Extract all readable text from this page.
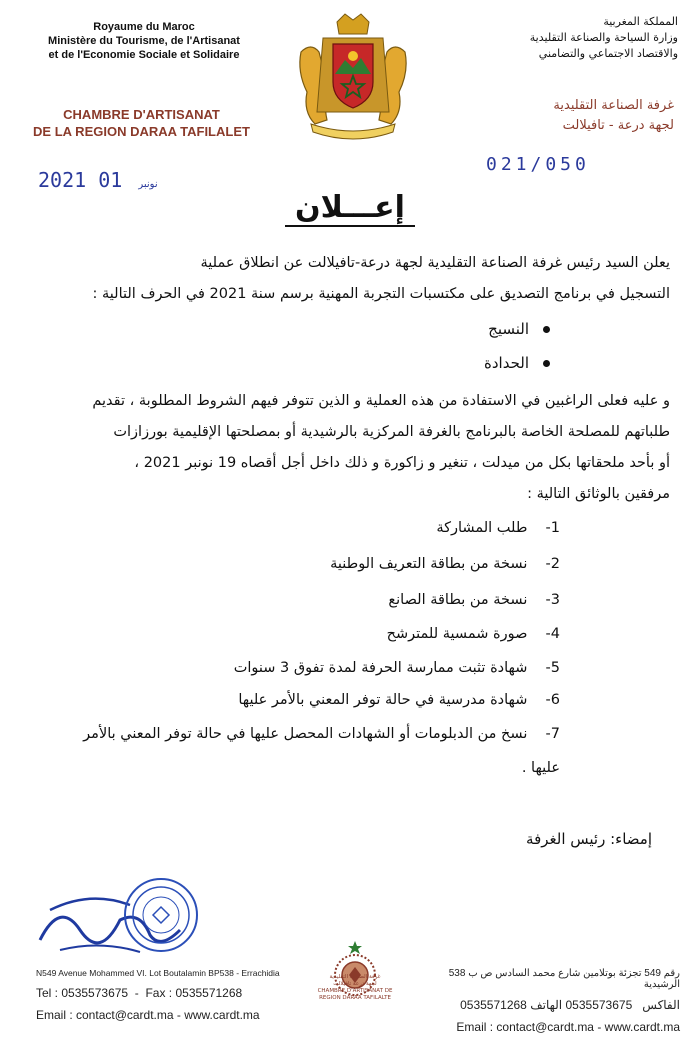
Royaume du Maroc
Ministère du Tourisme, de l'Artisanat
et de l'Economie Sociale et Solidaire
CHAMBRE D'ARTISANAT
DE LA REGION DARAA TAFILALET
المملكة المغربية
وزارة السياحة والصناعة التقليدية
والاقتصاد الاجتماعي والتضامني
غرفة الصناعة التقليدية
لجهة درعة - تافيلالت
2021	نونبر 01
021/050
إعـــلان
يعلن السيد رئيس غرفة الصناعة التقليدية لجهة درعة-تافيلالت عن انطلاق عملية
التسجيل في برنامج التصديق على مكتسبات التجربة المهنية برسم سنة 2021 في الحرف التالية :
النسيج
الحدادة
و عليه فعلى الراغبين في الاستفادة من هذه العملية و الذين تتوفر فيهم الشروط المطلوبة ، تقديم
طلباتهم للمصلحة الخاصة بالبرنامج بالغرفة المركزية بالرشيدية أو بمصلحتها الإقليمية بورزازات
أو بأحد ملحقاتها بكل من ميدلت ، تنغير و زاكورة و ذلك داخل أجل أقصاه 19 نونبر 2021 ،
مرفقين بالوثائق التالية :
1- طلب المشاركة
2- نسخة من بطاقة التعريف الوطنية
3- نسخة من بطاقة الصانع
4- صورة شمسية للمترشح
5- شهادة تثبت ممارسة الحرفة لمدة تفوق 3 سنوات
6- شهادة مدرسية في حالة توفر المعني بالأمر عليها
7- نسخ من الدبلومات أو الشهادات المحصل عليها في حالة توفر المعني بالأمر
عليها .
إمضاء: رئيس الغرفة
غرفة الصناعة التقليدية
لجهة درعة تافيلالت
CHAMBRE D'ARTISANAT DE
REGION DARAA TAFILALTE
N549 Avenue Mohammed VI. Lot Boutalamin BP538 - Errachidia
Tel : 0535573675  -  Fax : 0535571268
Email : contact@cardt.ma - www.cardt.ma
رقم 549 تجزئة بوتلامين شارع محمد السادس ص ب 538 الرشيدية
0535571268	الفاكس   0535573675 الهاتف
Email : contact@cardt.ma - www.cardt.ma
